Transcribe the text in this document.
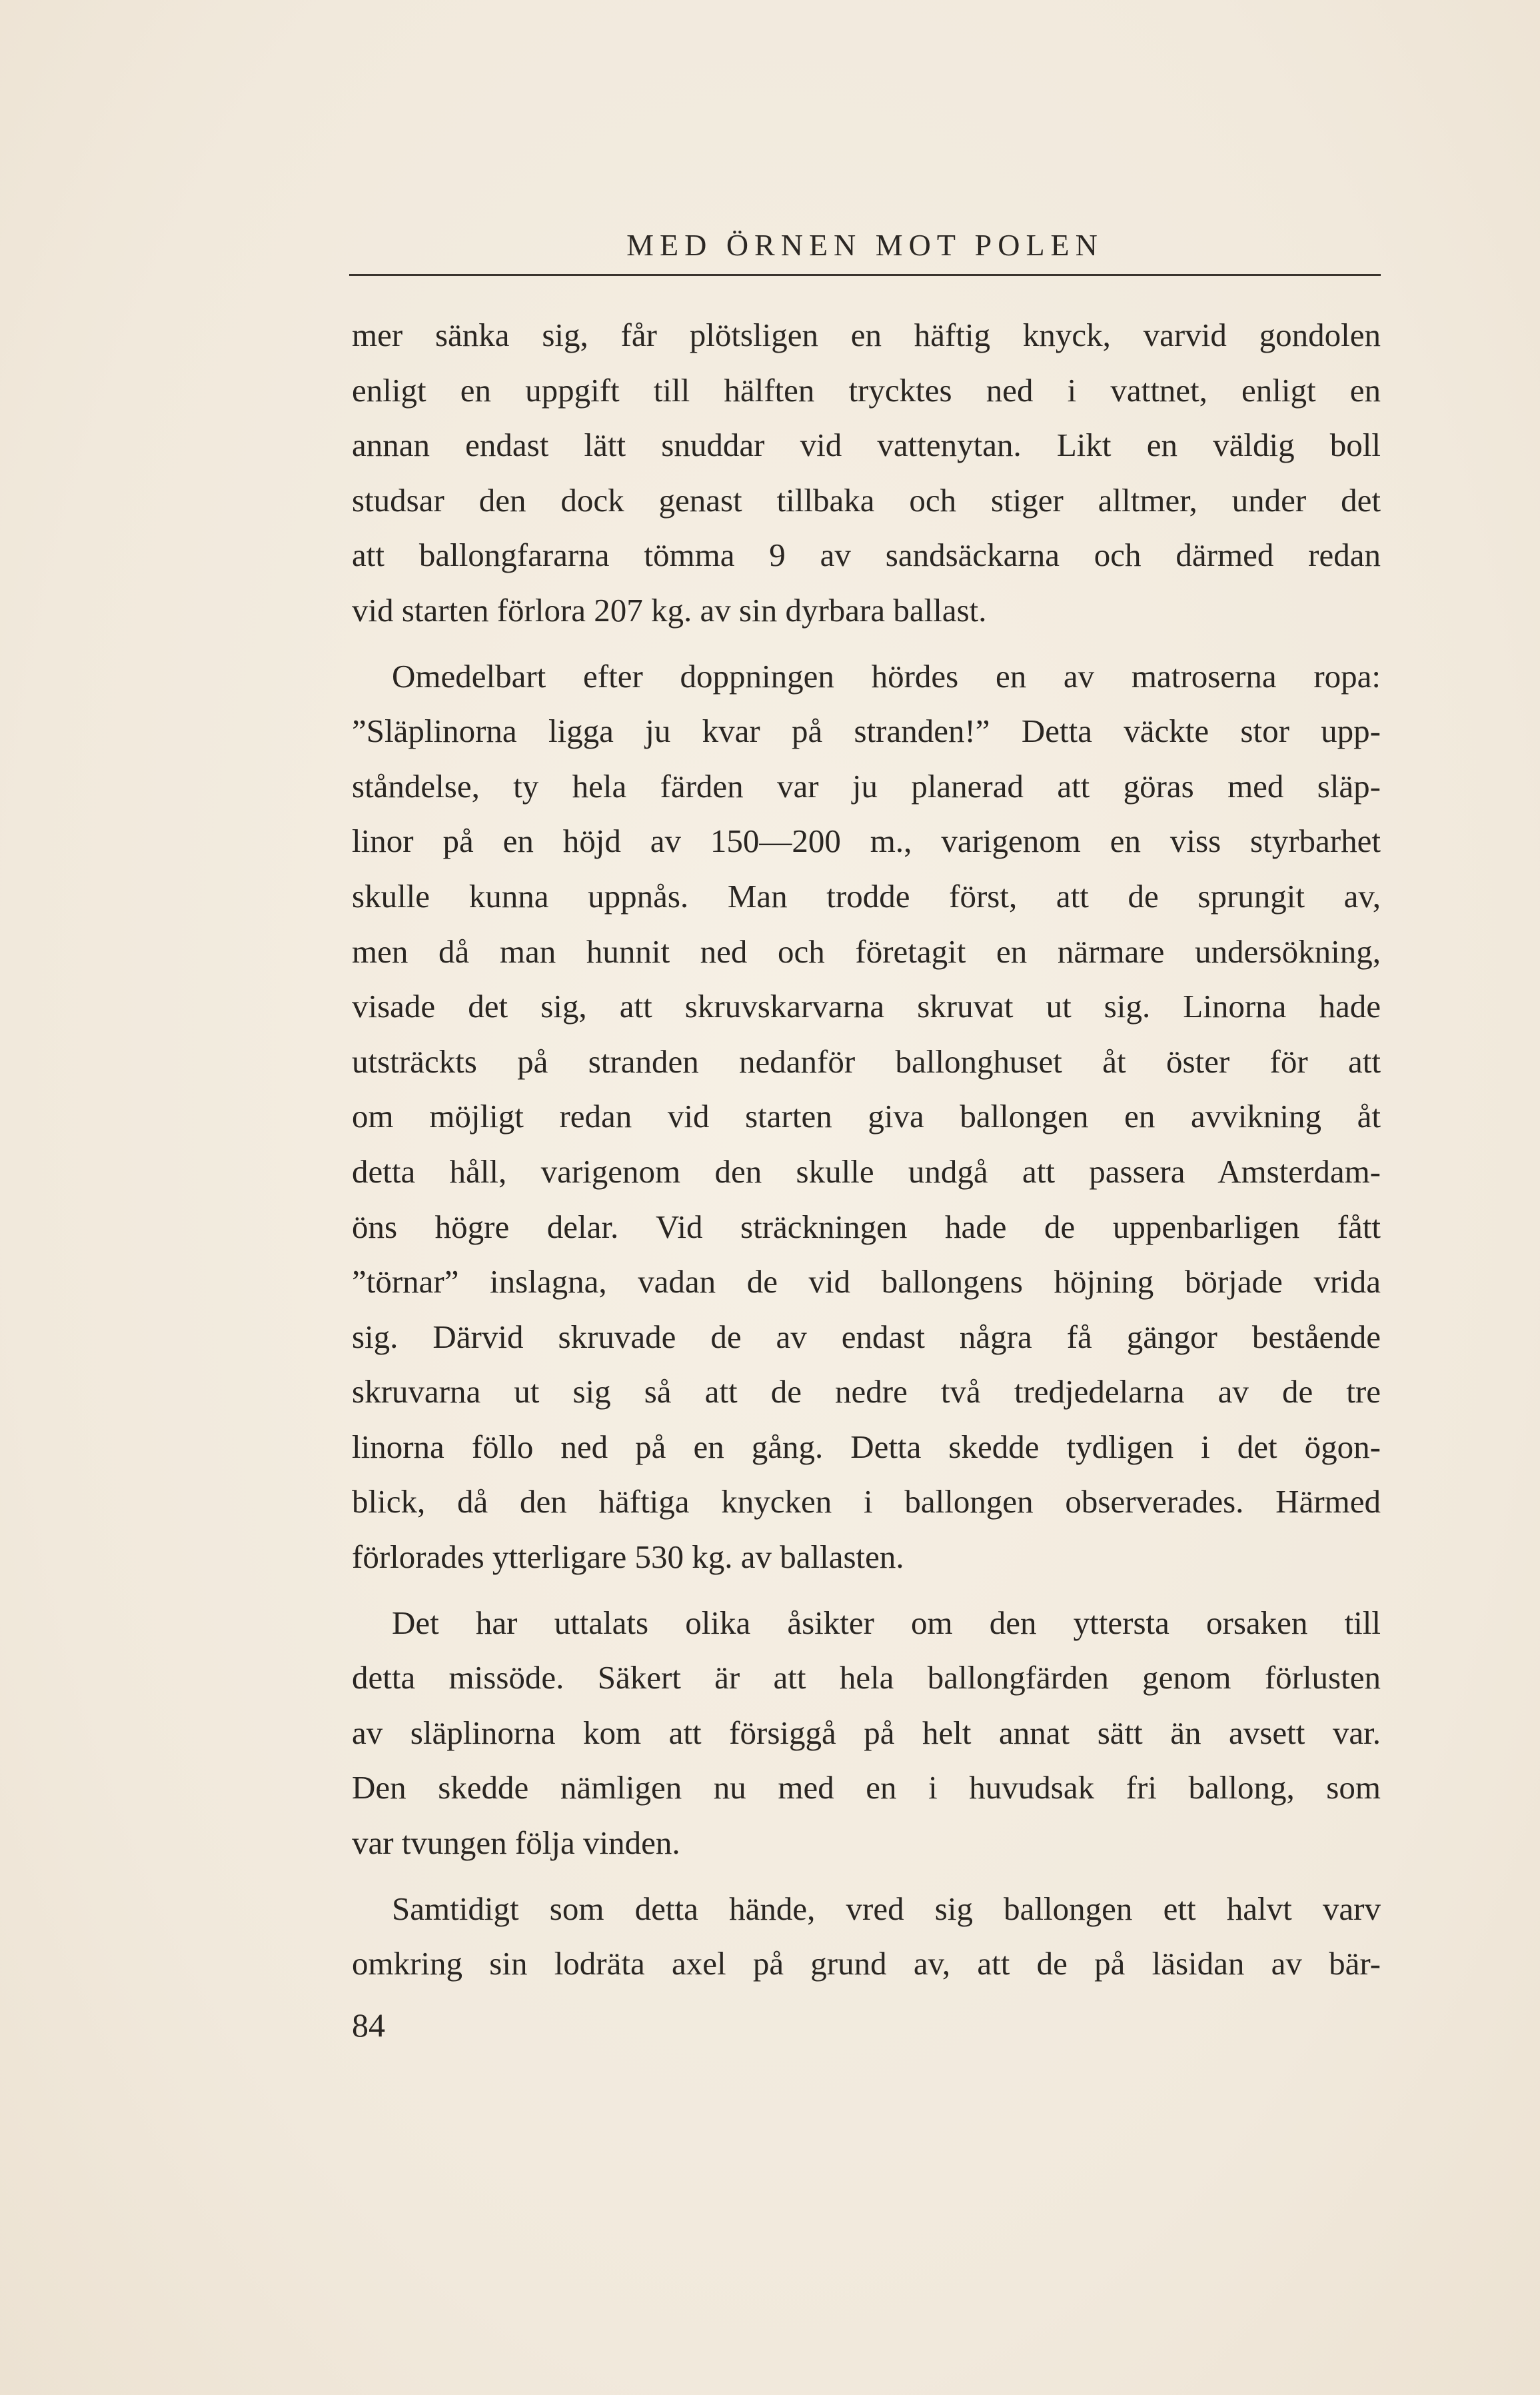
MED ÖRNEN MOT POLEN
mer sänka sig, får plötsligen en häftig knyck, varvid gondolen
enligt en uppgift till hälften trycktes ned i vattnet, enligt en
annan endast lätt snuddar vid vattenytan. Likt en väldig boll
studsar den dock genast tillbaka och stiger alltmer, under det
att ballongfararna tömma 9 av sandsäckarna och därmed redan
vid starten förlora 207 kg. av sin dyrbara ballast.
Omedelbart efter doppningen hördes en av matroserna ropa:
”Släplinorna ligga ju kvar på stranden!” Detta väckte stor upp-
ståndelse, ty hela färden var ju planerad att göras med släp-
linor på en höjd av 150—200 m., varigenom en viss styrbarhet
skulle kunna uppnås. Man trodde först, att de sprungit av,
men då man hunnit ned och företagit en närmare undersökning,
visade det sig, att skruvskarvarna skruvat ut sig. Linorna hade
utsträckts på stranden nedanför ballonghuset åt öster för att
om möjligt redan vid starten giva ballongen en avvikning åt
detta håll, varigenom den skulle undgå att passera Amsterdam-
öns högre delar. Vid sträckningen hade de uppenbarligen fått
”törnar” inslagna, vadan de vid ballongens höjning började vrida
sig. Därvid skruvade de av endast några få gängor bestående
skruvarna ut sig så att de nedre två tredjedelarna av de tre
linorna föllo ned på en gång. Detta skedde tydligen i det ögon-
blick, då den häftiga knycken i ballongen observerades. Härmed
förlorades ytterligare 530 kg. av ballasten.
Det har uttalats olika åsikter om den yttersta orsaken till
detta missöde. Säkert är att hela ballongfärden genom förlusten
av släplinorna kom att försiggå på helt annat sätt än avsett var.
Den skedde nämligen nu med en i huvudsak fri ballong, som
var tvungen följa vinden.
Samtidigt som detta hände, vred sig ballongen ett halvt varv
omkring sin lodräta axel på grund av, att de på läsidan av bär-
84
